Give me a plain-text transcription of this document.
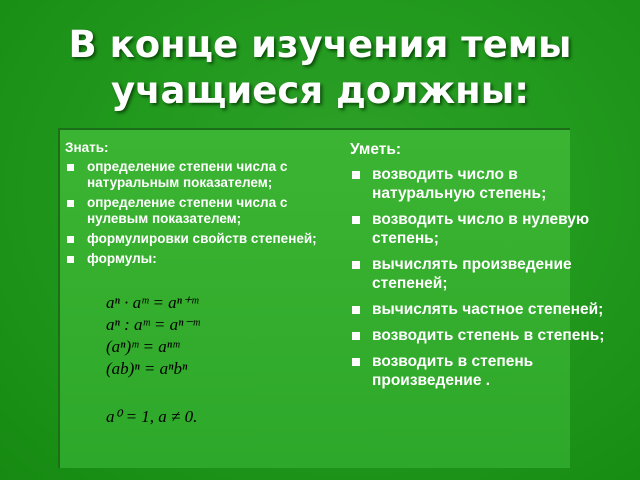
В конце изучения темы учащиеся должны:
Знать:
определение степени числа с натуральным показателем;
определение степени числа с нулевым показателем;
формулировки свойств степеней;
формулы:
aⁿ · aᵐ = aⁿ⁺ᵐ
aⁿ : aᵐ = aⁿ⁻ᵐ
(aⁿ)ᵐ = aⁿᵐ
(ab)ⁿ = aⁿbⁿ
a⁰ = 1, a ≠ 0.
Уметь:
возводить число в натуральную степень;
возводить число в нулевую степень;
вычислять произведение степеней;
вычислять частное степеней;
возводить степень в степень;
возводить в степень произведение .
